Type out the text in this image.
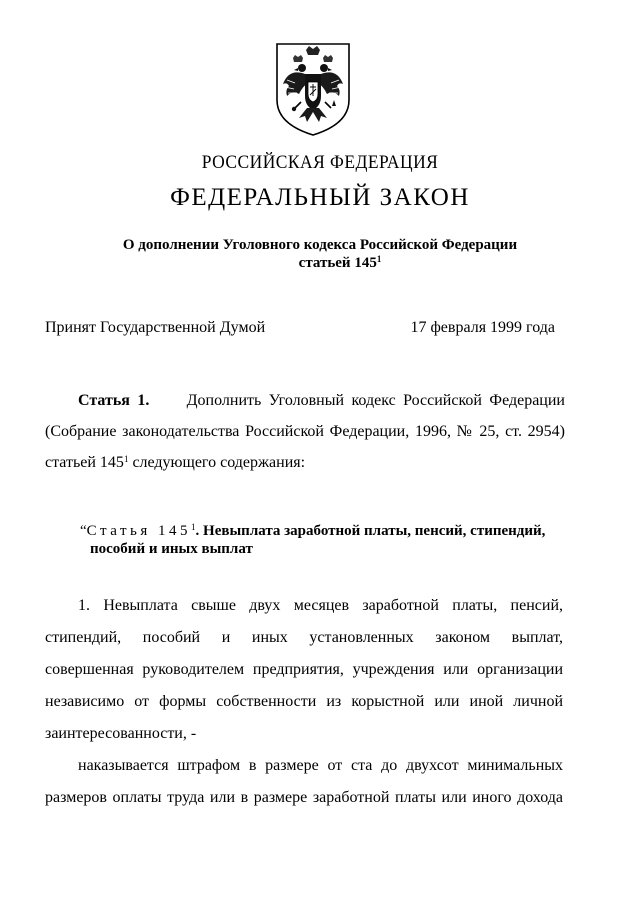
РОССИЙСКАЯ ФЕДЕРАЦИЯ
ФЕДЕРАЛЬНЫЙ ЗАКОН
О дополнении Уголовного кодекса Российской Федерации
статьей $145^1$
Принят Государственной Думой	17 февраля 1999 года
Статья 1. Дополнить Уголовный кодекс Российской Федерации
(Собрание законодательства Российской Федерации, 1996, № 25, ст. 2954)
статьей $145^1$ следующего содержания:
“Статья $145^1$. Невыплата заработной платы, пенсий, стипендий,
пособий и иных выплат
1. Невыплата свыше двух месяцев заработной платы, пенсий,
стипендий, пособий и иных установленных законом выплат,
совершенная руководителем предприятия, учреждения или организации
независимо от формы собственности из корыстной или иной личной
заинтересованности, -
наказывается штрафом в размере от ста до двухсот минимальных
размеров оплаты труда или в размере заработной платы или иного дохода
